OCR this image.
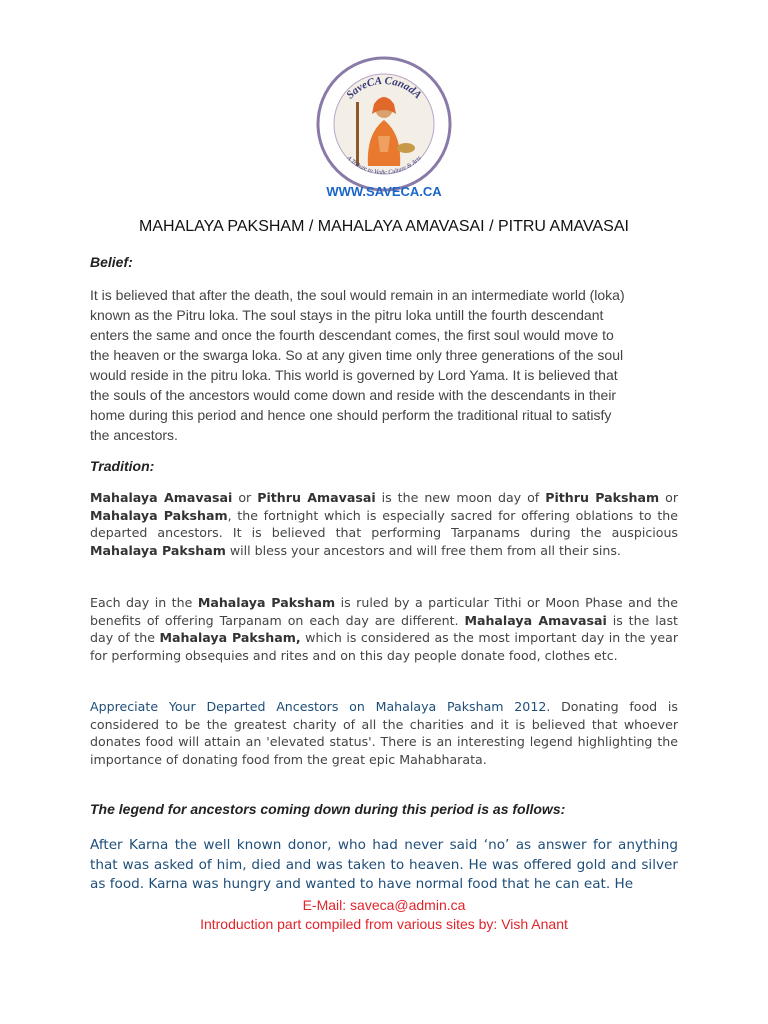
SaveCA CanadA
A Tribute to Vedic Culture & Arts
WWW.SAVECA.CA
MAHALAYA PAKSHAM / MAHALAYA AMAVASAI / PITRU AMAVASAI
Belief:
It is believed that after the death, the soul would remain in an intermediate world (loka)
known as the Pitru loka. The soul stays in the pitru loka untill the fourth descendant
enters the same and once the fourth descendant comes, the first soul would move to
the heaven or the swarga loka. So at any given time only three generations of the soul
would reside in the pitru loka. This world is governed by Lord Yama. It is believed that
the souls of the ancestors would come down and reside with the descendants in their
home during this period and hence one should perform the traditional ritual to satisfy
the ancestors.
Tradition:

Mahalaya Amavasai or Pithru Amavasai is the new moon day of Pithru Paksham or Mahalaya Paksham, the fortnight which is especially sacred for offering oblations to the departed ancestors. It is believed that performing Tarpanams during the auspicious Mahalaya Paksham will bless your ancestors and will free them from all their sins.

Each day in the Mahalaya Paksham is ruled by a particular Tithi or Moon Phase and the benefits of offering Tarpanam on each day are different. Mahalaya Amavasai is the last day of the Mahalaya Paksham, which is considered as the most important day in the year for performing obsequies and rites and on this day people donate food, clothes etc.

Appreciate Your Departed Ancestors on Mahalaya Paksham 2012. Donating food is considered to be the greatest charity of all the charities and it is believed that whoever donates food will attain an 'elevated status'. There is an interesting legend highlighting the importance of donating food from the great epic Mahabharata.

The legend for ancestors coming down during this period is as follows:

After Karna the well known donor, who had never said ‘no’ as answer for anything that was asked of him, died and was taken to heaven. He was offered gold and silver as food. Karna was hungry and wanted to have normal food that he can eat. He

E-Mail: saveca@admin.ca
Introduction part compiled from various sites by: Vish Anant
